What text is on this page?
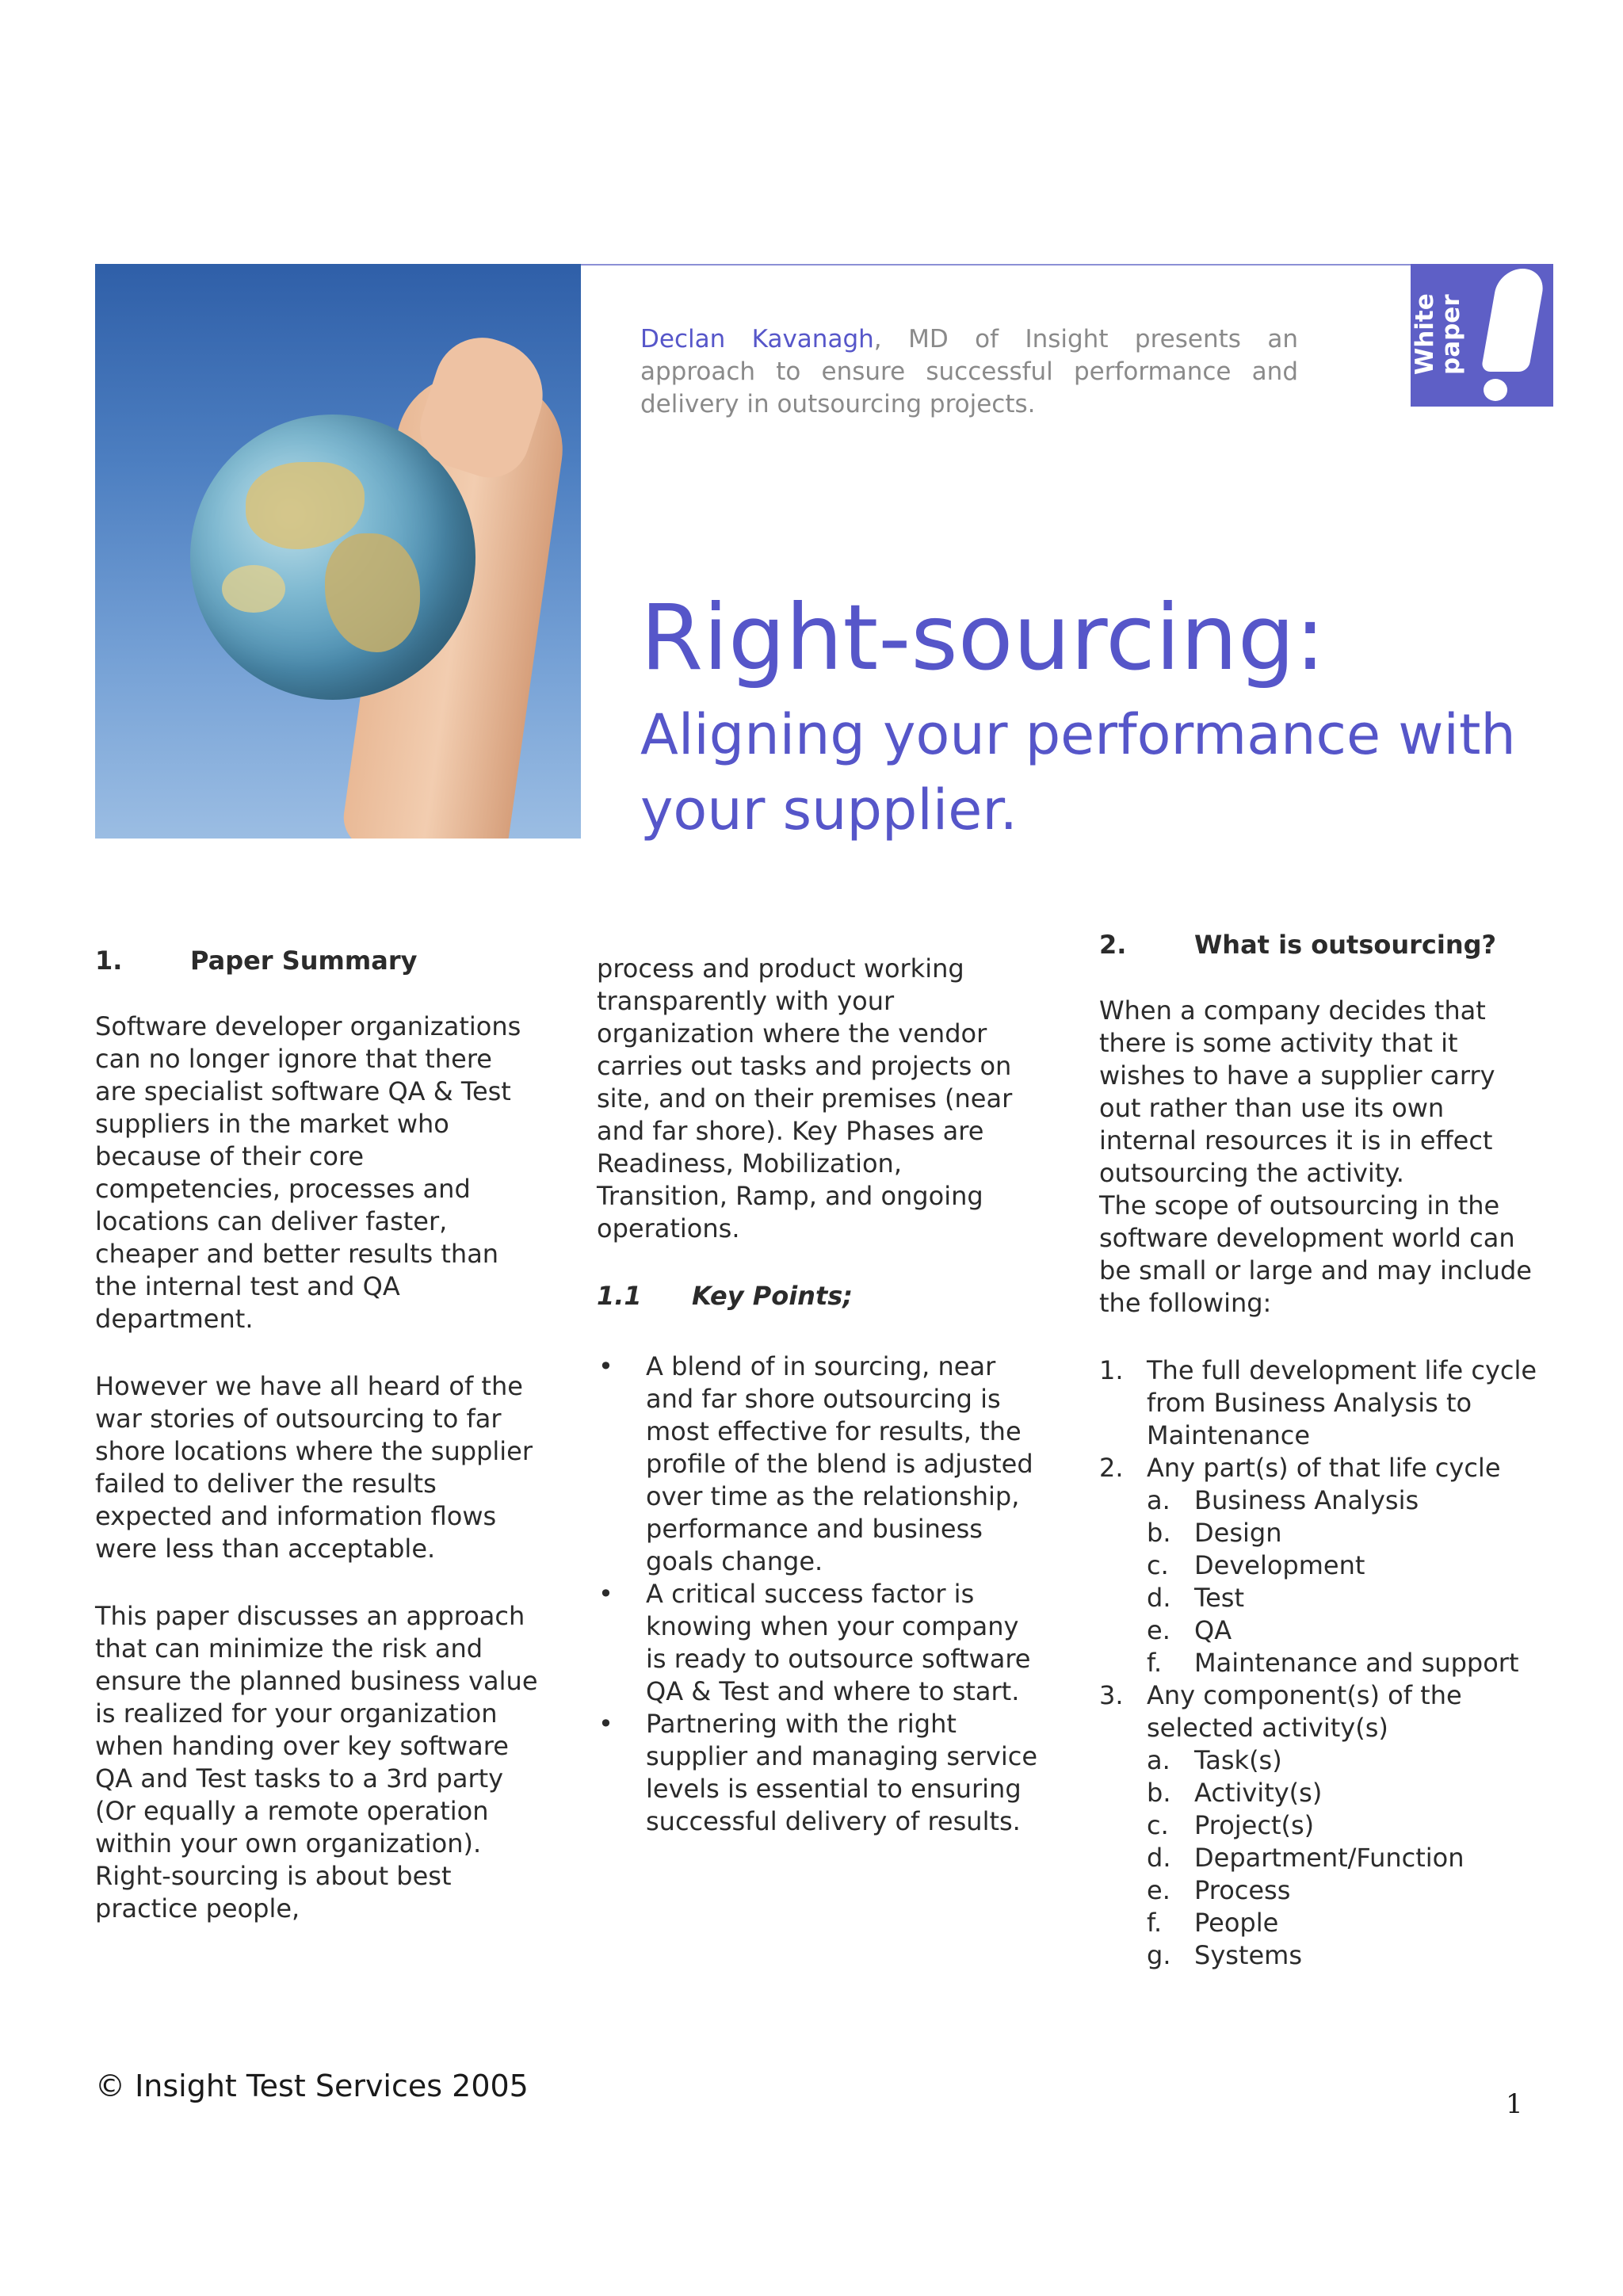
Declan Kavanagh, MD of Insight presents an approach to ensure successful performance and delivery in outsourcing projects.
White
paper
Right-sourcing:
Aligning your performance with your supplier.
1.	Paper Summary

Software developer organizations can no longer ignore that there are specialist software QA & Test suppliers in the market who because of their core competencies, processes and locations can deliver faster, cheaper and better results than the internal test and QA department.

However we have all heard of the war stories of outsourcing to far shore locations where the supplier failed to deliver the results expected and information flows were less than acceptable.

This paper discusses an approach that can minimize the risk and ensure the planned business value is realized for your organization when handing over key software QA and Test tasks to a 3rd party (Or equally a remote operation within your own organization). Right-sourcing is about best practice people,

process and product working transparently with your organization where the vendor carries out tasks and projects on site, and on their premises (near and far shore). Key Phases are Readiness, Mobilization, Transition, Ramp, and ongoing operations.

1.1 Key Points;
• A blend of in sourcing, near and far shore outsourcing is most effective for results, the profile of the blend is adjusted over time as the relationship, performance and business goals change.
• A critical success factor is knowing when your company is ready to outsource software QA & Test and where to start.
• Partnering with the right supplier and managing service levels is essential to ensuring successful delivery of results.
2.	What is outsourcing?

When a company decides that there is some activity that it wishes to have a supplier carry out rather than use its own internal resources it is in effect outsourcing the activity.

The scope of outsourcing in the software development world can be small or large and may include the following:

1. The full development life cycle from Business Analysis to Maintenance
2. Any part(s) of that life cycle
a. Business Analysis
b. Design
c. Development
d. Test
e. QA
f. Maintenance and support
3. Any component(s) of the selected activity(s)
a. Task(s)
b. Activity(s)
c. Project(s)
d. Department/Function
e. Process
f. People
g. Systems
© Insight Test Services 2005
1
